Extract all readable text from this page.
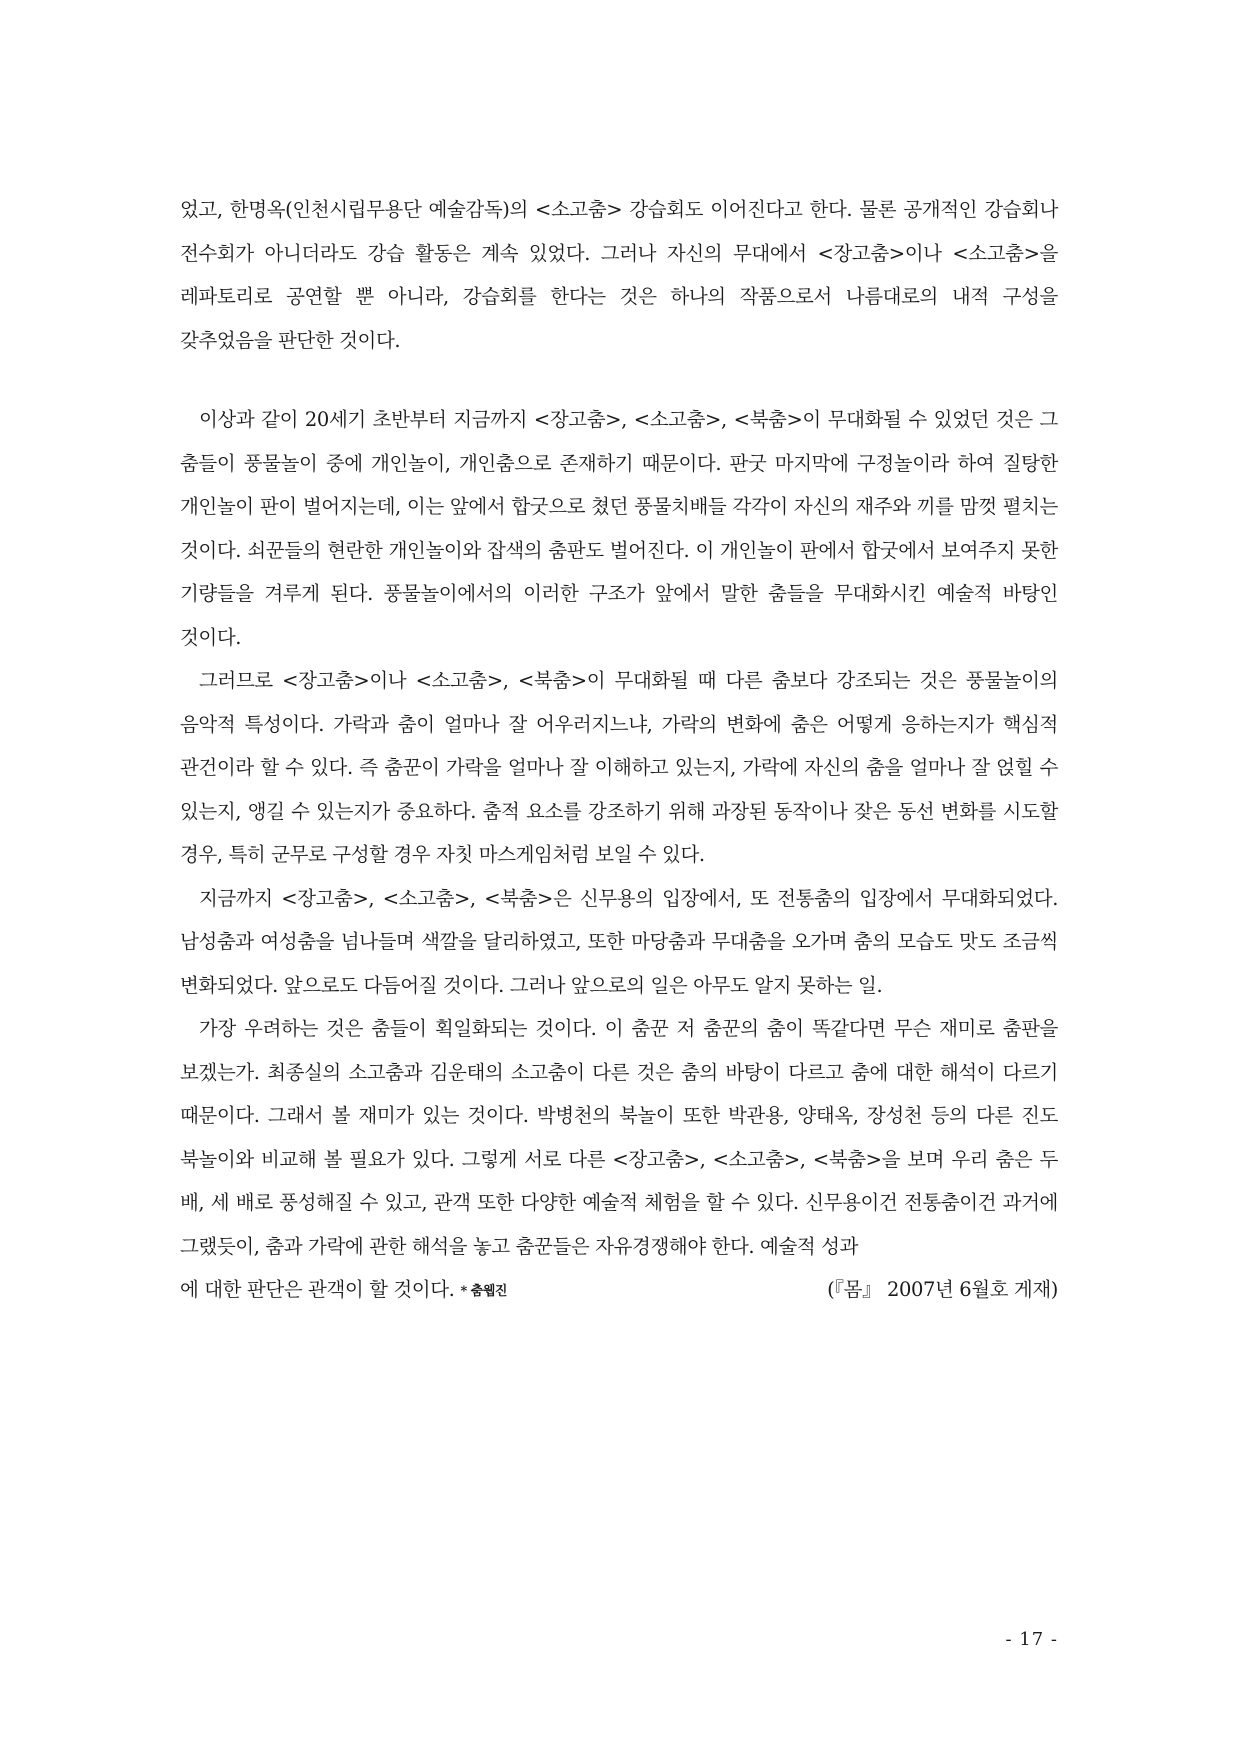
었고, 한명옥(인천시립무용단 예술감독)의 <소고춤> 강습회도 이어진다고 한다. 물론 공개적인 강습회나 전수회가 아니더라도 강습 활동은 계속 있었다. 그러나 자신의 무대에서 <장고춤>이나 <소고춤>을 레파토리로 공연할 뿐 아니라, 강습회를 한다는 것은 하나의 작품으로서 나름대로의 내적 구성을 갖추었음을 판단한 것이다.

이상과 같이 20세기 초반부터 지금까지 <장고춤>, <소고춤>, <북춤>이 무대화될 수 있었던 것은 그 춤들이 풍물놀이 중에 개인놀이, 개인춤으로 존재하기 때문이다. 판굿 마지막에 구정놀이라 하여 질탕한 개인놀이 판이 벌어지는데, 이는 앞에서 합굿으로 쳤던 풍물치배들 각각이 자신의 재주와 끼를 맘껏 펼치는 것이다. 쇠꾼들의 현란한 개인놀이와 잡색의 춤판도 벌어진다. 이 개인놀이 판에서 합굿에서 보여주지 못한 기량들을 겨루게 된다. 풍물놀이에서의 이러한 구조가 앞에서 말한 춤들을 무대화시킨 예술적 바탕인 것이다.

그러므로 <장고춤>이나 <소고춤>, <북춤>이 무대화될 때 다른 춤보다 강조되는 것은 풍물놀이의 음악적 특성이다. 가락과 춤이 얼마나 잘 어우러지느냐, 가락의 변화에 춤은 어떻게 응하는지가 핵심적 관건이라 할 수 있다. 즉 춤꾼이 가락을 얼마나 잘 이해하고 있는지, 가락에 자신의 춤을 얼마나 잘 얹힐 수 있는지, 앵길 수 있는지가 중요하다. 춤적 요소를 강조하기 위해 과장된 동작이나 잦은 동선 변화를 시도할 경우, 특히 군무로 구성할 경우 자칫 마스게임처럼 보일 수 있다.

지금까지 <장고춤>, <소고춤>, <북춤>은 신무용의 입장에서, 또 전통춤의 입장에서 무대화되었다. 남성춤과 여성춤을 넘나들며 색깔을 달리하였고, 또한 마당춤과 무대춤을 오가며 춤의 모습도 맛도 조금씩 변화되었다. 앞으로도 다듬어질 것이다. 그러나 앞으로의 일은 아무도 알지 못하는 일.

가장 우려하는 것은 춤들이 획일화되는 것이다. 이 춤꾼 저 춤꾼의 춤이 똑같다면 무슨 재미로 춤판을 보겠는가. 최종실의 소고춤과 김운태의 소고춤이 다른 것은 춤의 바탕이 다르고 춤에 대한 해석이 다르기 때문이다. 그래서 볼 재미가 있는 것이다. 박병천의 북놀이 또한 박관용, 양태옥, 장성천 등의 다른 진도 북놀이와 비교해 볼 필요가 있다. 그렇게 서로 다른 <장고춤>, <소고춤>, <북춤>을 보며 우리 춤은 두 배, 세 배로 풍성해질 수 있고, 관객 또한 다양한 예술적 체험을 할 수 있다. 신무용이건 전통춤이건 과거에 그랬듯이, 춤과 가락에 관한 해석을 놓고 춤꾼들은 자유경쟁해야 한다. 예술적 성과

에 대한 판단은 관객이 할 것이다. * 춤웹진	(『몸』 2007년 6월호 게재)

- 17 -
